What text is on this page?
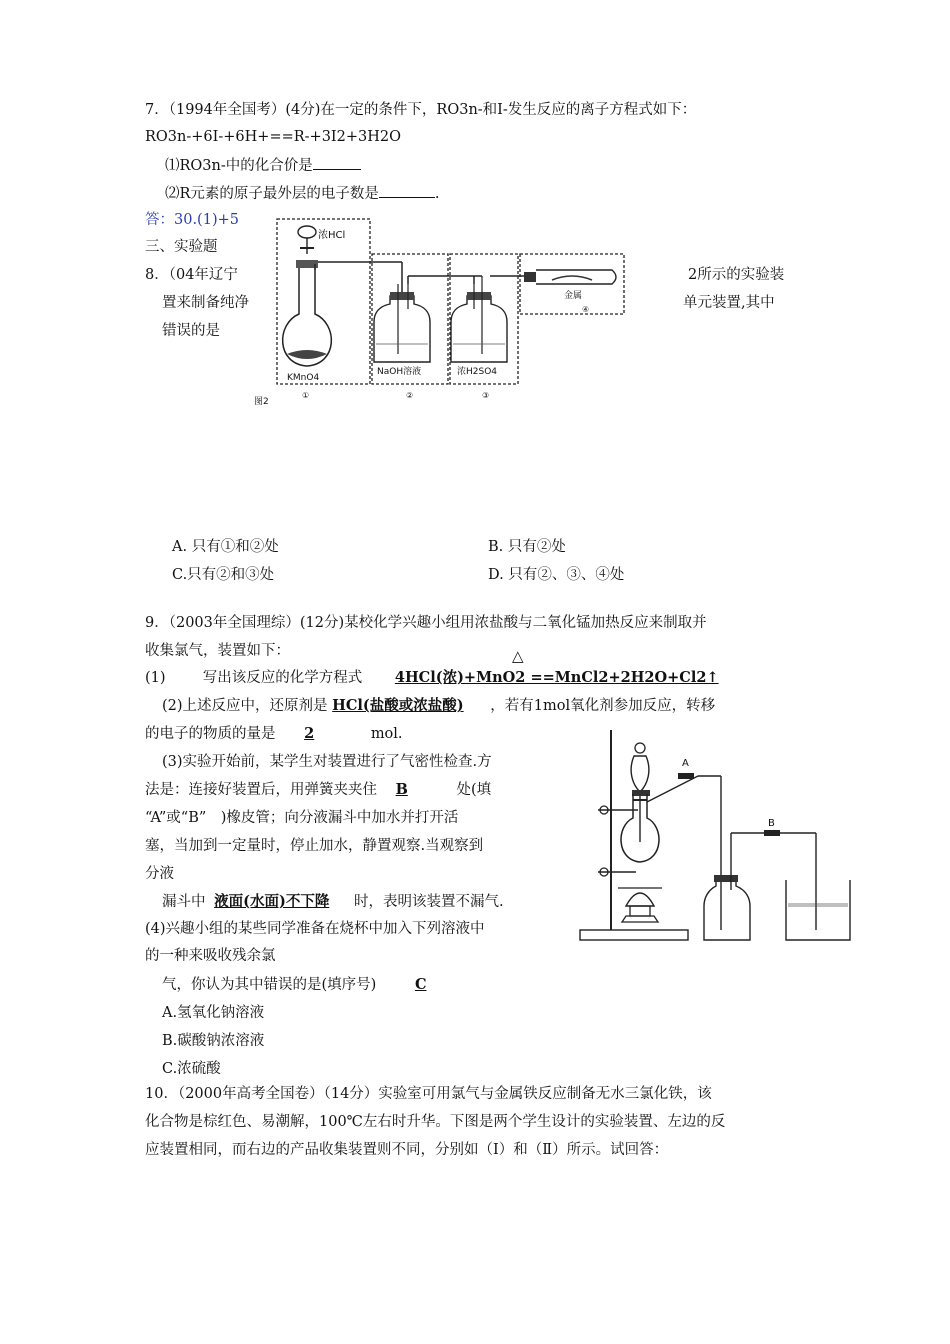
7．（1994年全国考）(4分)在一定的条件下，RO3n-和I-发生反应的离子方程式如下：
RO3n-+6I-+6H+==R-+3I2+3H2O
⑴RO3n-中的化合价是
⑵R元素的原子最外层的电子数是	.
答：30.(1)+5
三、实验题
8．（04年辽宁	2所示的实验装
置来制备纯净	单元装置,其中
错误的是
浓HCl
KMnO4
①
NaOH溶液
②
浓H2SO4
③
金属
④
图2
A. 只有①和②处	B. 只有②处
C.只有②和③处	D. 只有②、③、④处
9．（2003年全国理综）(12分)某校化学兴趣小组用浓盐酸与二氧化锰加热反应来制取并
收集氯气，装置如下：	△
(1)	写出该反应的化学方程式 4HCl(浓)+MnO2 ==MnCl2+2H2O+Cl2↑
(2)上述反应中，还原剂是 HCl(盐酸或浓盐酸) ，若有1mol氧化剂参加反应，转移
的电子的物质的量是 2	mol.
(3)实验开始前，某学生对装置进行了气密性检查.方
法是：连接好装置后，用弹簧夹夹住 B	处(填
“A”或“B”　)橡皮管；向分液漏斗中加水并打开活
塞，当加到一定量时，停止加水，静置观察.当观察到
分液
漏斗中 液面(水面)不下降 时，表明该装置不漏气.
(4)兴趣小组的某些同学准备在烧杯中加入下列溶液中
的一种来吸收残余氯
气，你认为其中错误的是(填序号)	C
A.氢氧化钠溶液
B.碳酸钠浓溶液
C.浓硫酸
A
B
10．（2000年高考全国卷）（14分）实验室可用氯气与金属铁反应制备无水三氯化铁，该
化合物是棕红色、易潮解，100℃左右时升华。下图是两个学生设计的实验装置、左边的反
应装置相同，而右边的产品收集装置则不同，分别如（Ⅰ）和（Ⅱ）所示。试回答：
